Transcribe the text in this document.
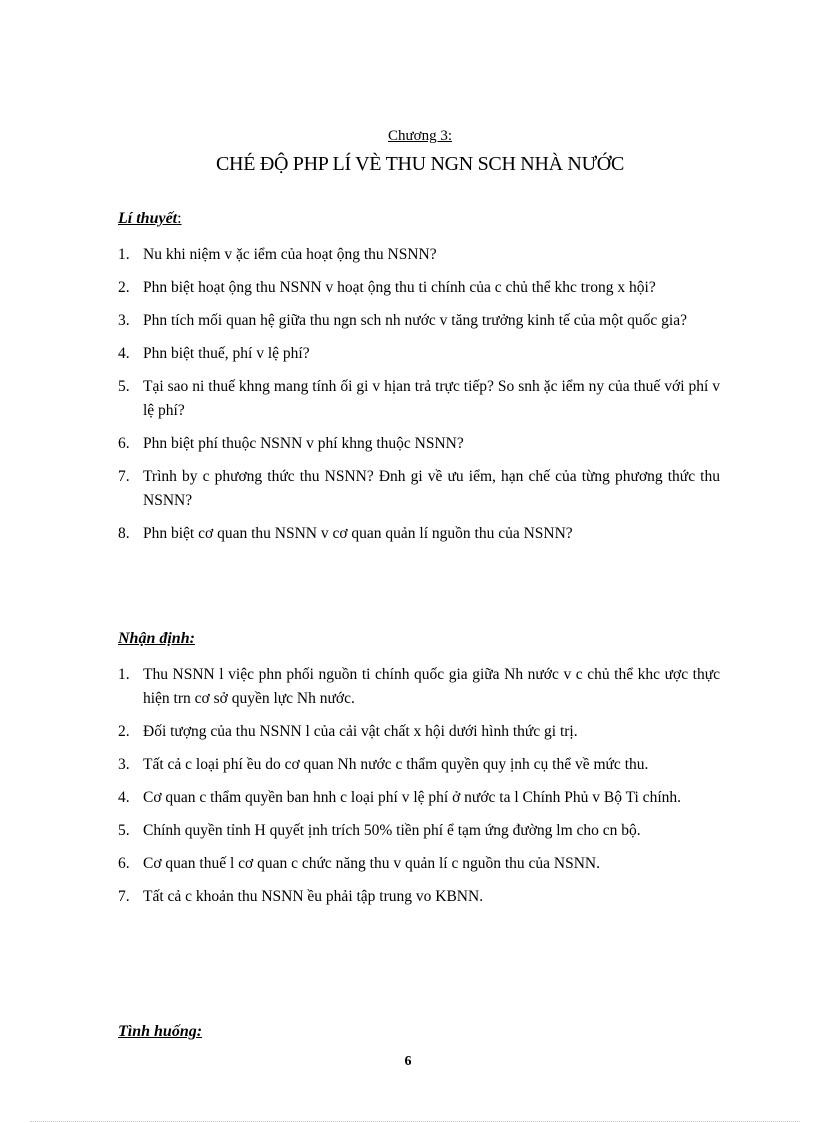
Chương 3:
CHÉ ĐỘ PHP LÍ VÈ THU NGN SCH NHÀ NƯỚC
Lí thuyết:
1. Nu khi niệm v ặc iểm của hoạt ộng thu NSNN?
2. Phn biệt hoạt ộng thu NSNN v hoạt ộng thu ti chính của c chủ thể khc trong x hội?
3. Phn tích mối quan hệ giữa thu ngn sch nh nước v tăng trưởng kinh tế của một quốc gia?
4. Phn biệt thuế, phí v lệ phí?
5. Tại sao ni thuế khng mang tính ối gi v hịan trả trực tiếp? So snh ặc iểm ny của thuế với phí v lệ phí?
6. Phn biệt phí thuộc NSNN v phí khng thuộc NSNN?
7. Trình by c phương thức thu NSNN? Đnh gi về ưu iểm, hạn chế của từng phương thức thu NSNN?
8. Phn biệt cơ quan thu NSNN v cơ quan quản lí nguồn thu của NSNN?
Nhận định:
1. Thu NSNN l việc phn phối nguồn ti chính quốc gia giữa Nh nước v c chủ thể khc ược thực hiện trn cơ sở quyền lực Nh nước.
2. Đối tượng của thu NSNN l của cải vật chất x hội dưới hình thức gi trị.
3. Tất cả c loại phí ều do cơ quan Nh nước c thẩm quyền quy ịnh cụ thể về mức thu.
4. Cơ quan c thẩm quyền ban hnh c loại phí v lệ phí ở nước ta l Chính Phủ v Bộ Ti chính.
5. Chính quyền tỉnh H quyết ịnh trích 50% tiền phí ể tạm ứng đường lm cho cn bộ.
6. Cơ quan thuế l cơ quan c chức năng thu v quản lí c nguồn thu của NSNN.
7. Tất cả c khoản thu NSNN ều phải tập trung vo KBNN.
Tình huống:
6
